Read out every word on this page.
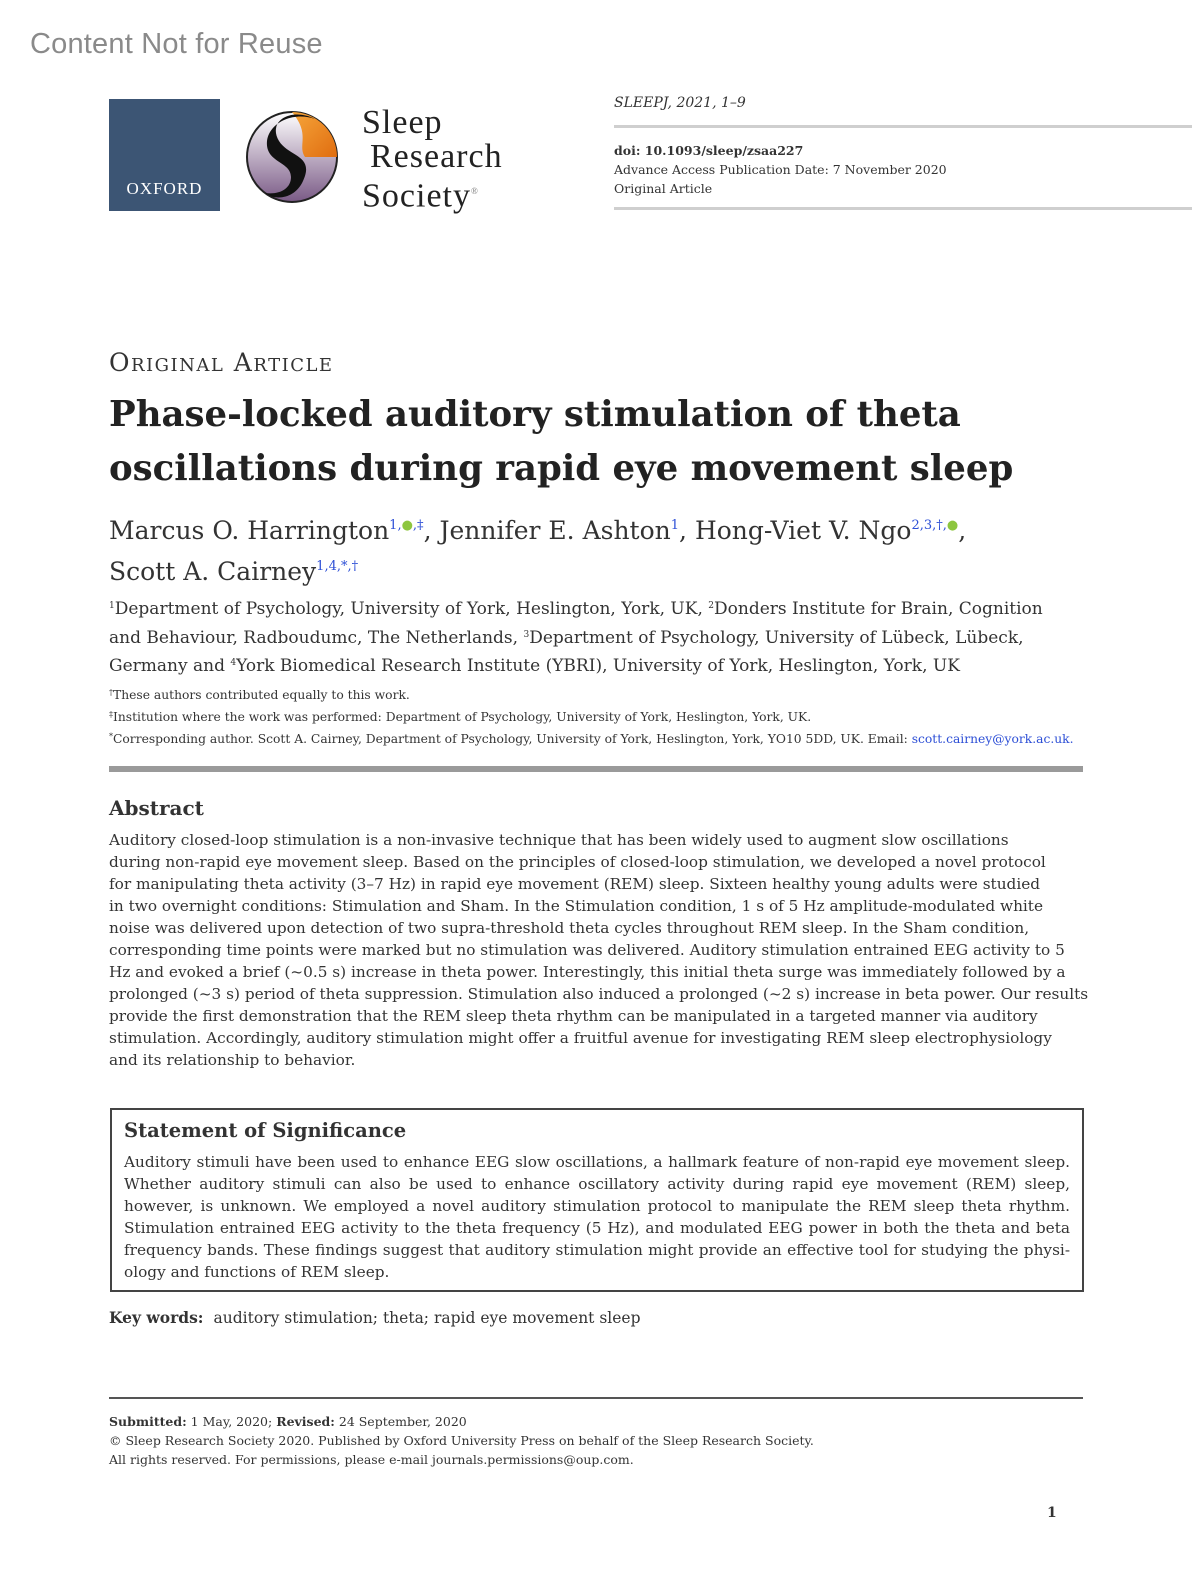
Content Not for Reuse
OXFORD
Sleep
Research
Society®
SLEEPJ, 2021, 1–9
doi: 10.1093/sleep/zsaa227
Advance Access Publication Date: 7 November 2020
Original Article
Original Article
Phase-locked auditory stimulation of theta
oscillations during rapid eye movement sleep
Marcus O. Harrington$^{1,●,\ddagger}$, Jennifer E. Ashton$^1$, Hong-Viet V. Ngo$^{2,3,\dagger,●}$,
Scott A. Cairney$^{1,4,*,\dagger}$
$^1$Department of Psychology, University of York, Heslington, York, UK, $^2$Donders Institute for Brain, Cognition
and Behaviour, Radboudumc, The Netherlands, $^3$Department of Psychology, University of Lübeck, Lübeck,
Germany and $^4$York Biomedical Research Institute (YBRI), University of York, Heslington, York, UK
†These authors contributed equally to this work.
‡Institution where the work was performed: Department of Psychology, University of York, Heslington, York, UK.
*Corresponding author. Scott A. Cairney, Department of Psychology, University of York, Heslington, York, YO10 5DD, UK. Email: scott.cairney@york.ac.uk.
Abstract
Auditory closed-loop stimulation is a non-invasive technique that has been widely used to augment slow oscillations
during non-rapid eye movement sleep. Based on the principles of closed-loop stimulation, we developed a novel protocol
for manipulating theta activity (3–7 Hz) in rapid eye movement (REM) sleep. Sixteen healthy young adults were studied
in two overnight conditions: Stimulation and Sham. In the Stimulation condition, 1 s of 5 Hz amplitude-modulated white
noise was delivered upon detection of two supra-threshold theta cycles throughout REM sleep. In the Sham condition,
corresponding time points were marked but no stimulation was delivered. Auditory stimulation entrained EEG activity to 5
Hz and evoked a brief (~0.5 s) increase in theta power. Interestingly, this initial theta surge was immediately followed by a
prolonged (~3 s) period of theta suppression. Stimulation also induced a prolonged (~2 s) increase in beta power. Our results
provide the first demonstration that the REM sleep theta rhythm can be manipulated in a targeted manner via auditory
stimulation. Accordingly, auditory stimulation might offer a fruitful avenue for investigating REM sleep electrophysiology
and its relationship to behavior.
Statement of Significance
Auditory stimuli have been used to enhance EEG slow oscillations, a hallmark feature of non-rapid eye movement sleep.
Whether auditory stimuli can also be used to enhance oscillatory activity during rapid eye movement (REM) sleep,
however, is unknown. We employed a novel auditory stimulation protocol to manipulate the REM sleep theta rhythm.
Stimulation entrained EEG activity to the theta frequency (5 Hz), and modulated EEG power in both the theta and beta
frequency bands. These findings suggest that auditory stimulation might provide an effective tool for studying the physi-
ology and functions of REM sleep.
Key words: auditory stimulation; theta; rapid eye movement sleep
Submitted: 1 May, 2020; Revised: 24 September, 2020
© Sleep Research Society 2020. Published by Oxford University Press on behalf of the Sleep Research Society.
All rights reserved. For permissions, please e-mail journals.permissions@oup.com.
1
